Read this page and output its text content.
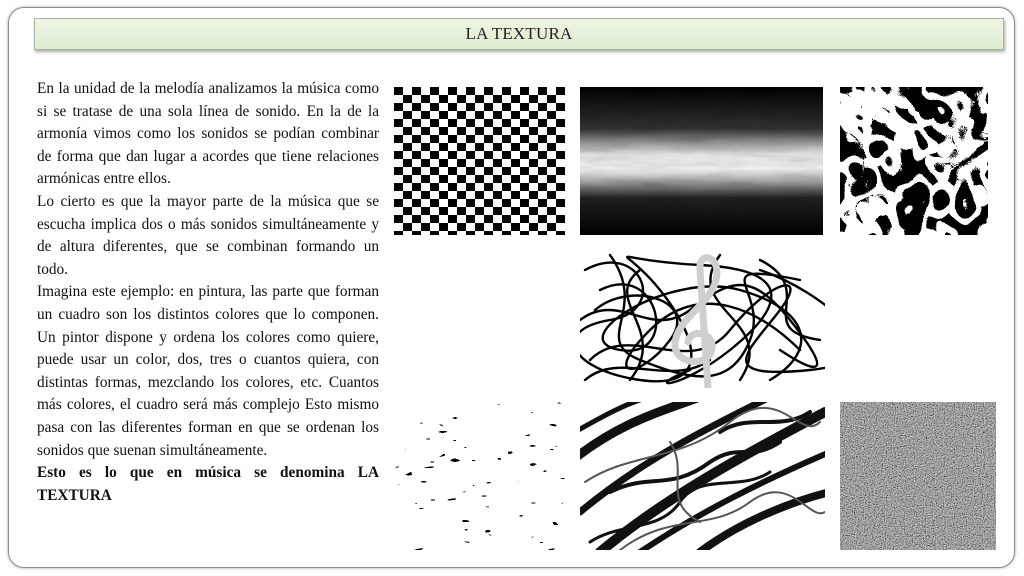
LA TEXTURA

En la unidad de la melodía analizamos la música como si se tratase de una sola línea de sonido. En la de la armonía vimos como los sonidos se podían combinar de forma que dan lugar a acordes que tiene relaciones armónicas entre ellos.

Lo cierto es que la mayor parte de la música que se escucha implica dos o más sonidos simultáneamente y de altura diferentes, que se combinan formando un todo.

Imagina este ejemplo: en pintura, las parte que forman un cuadro son los distintos colores que lo componen. Un pintor dispone y ordena los colores como quiere, puede usar un color, dos, tres o cuantos quiera, con distintas formas, mezclando los colores, etc. Cuantos más colores, el cuadro será más complejo Esto mismo pasa con las diferentes forman en que se ordenan los sonidos que suenan simultáneamente.

Esto es lo que en música se denomina LA TEXTURA
